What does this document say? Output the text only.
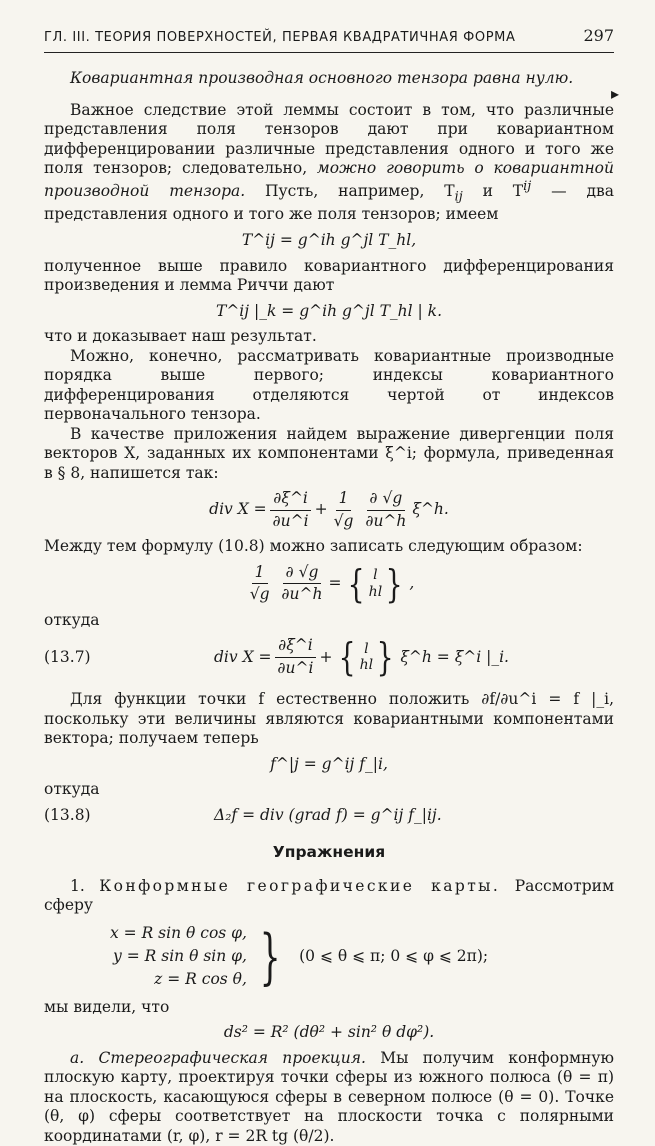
▸
ГЛ. III. ТЕОРИЯ ПОВЕРХНОСТЕЙ, ПЕРВАЯ КВАДРАТИЧНАЯ ФОРМА	297

Ковариантная производная основного тензора равна нулю.

Важное следствие этой леммы состоит в том, что различные представления поля тензоров дают при ковариантном дифференцировании различные представления одного и того же поля тензоров; следовательно, можно говорить о ковариантной производной тензора. Пусть, например, $T_{ij}$ и $T^{ij}$ — два представления одного и того же поля тензоров; имеем

T^ij = g^ih g^jl T_hl,

полученное выше правило ковариантного дифференцирования произведения и лемма Риччи дают

T^ij |_k = g^ih g^jl T_hl | k.

что и доказывает наш результат.

Можно, конечно, рассматривать ковариантные производные порядка выше первого; индексы ковариантного дифференцирования отделяются чертой от индексов первоначального тензора.

В качестве приложения найдем выражение дивергенции поля векторов X, заданных их компонентами ξ^i; формула, приведенная в § 8, напишется так:

div $X = \frac{\partial\xi\^{}i}{\partial u\^{}i} + \frac{1}{√g} \frac{\partial √g}{\partial u\^{}h}$ ξ^h.

Между тем формулу (10.8) можно записать следующим образом:

$\frac{1}{√g} \frac{\partial √g}{\partial u\^{}h}$ = { l
hl } ,

откуда

(13.7)	div $X = \frac{\partial\xi\^{}i}{\partial u\^{}i}$ + { l
hl } ξ^h = ξ^i |_i.

Для функции точки f естественно положить ∂f/∂u^i = f |_i, поскольку эти величины являются ковариантными компонентами вектора; получаем теперь

f^|j = g^ij f_|i,

откуда

(13.8)	Δ₂f = div (grad f) = g^ij f_|ij.
Упражнения

1. Конформные географические карты. Рассмотрим сферу

x = R sin θ cos φ,
y = R sin θ sin φ,
z = R cos θ, } (0 ⩽ θ ⩽ π; 0 ⩽ φ ⩽ 2π);

мы видели, что

ds² = R² (dθ² + sin² θ dφ²).

а. Стереографическая проекция. Мы получим конформную плоскую карту, проектируя точки сферы из южного полюса (θ = π) на плоскость, касающуюся сферы в северном полюсе (θ = 0). Точке (θ, φ) сферы соответствует на плоскости точка с полярными координатами (r, φ), r = 2R tg (θ/2).
